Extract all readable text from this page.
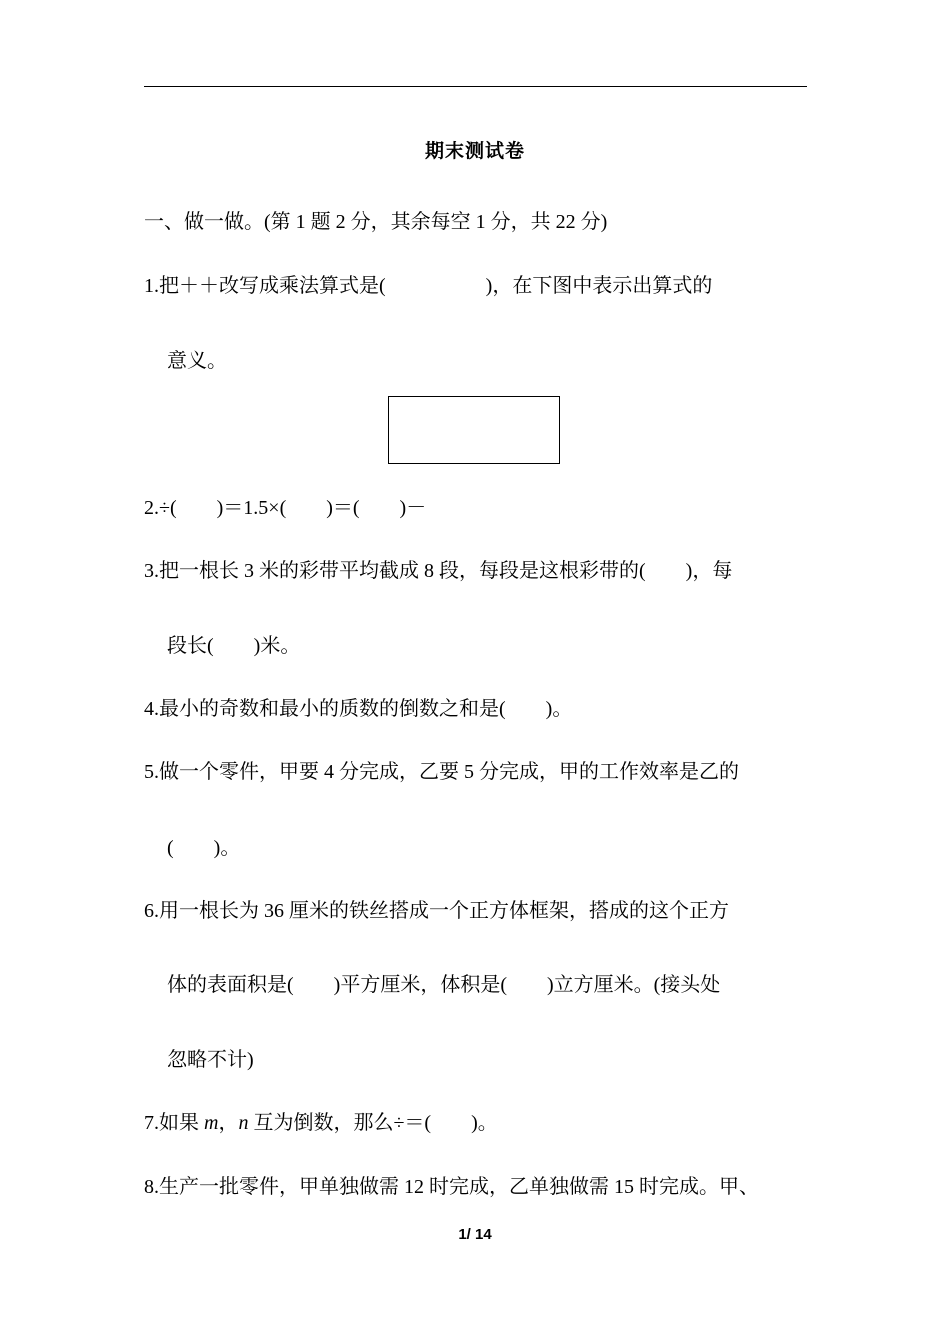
期末测试卷
一、做一做。(第 1 题 2 分，其余每空 1 分，共 22 分)
1.把＋＋改写成乘法算式是(                    )，在下图中表示出算式的
意义。
2.÷(        )＝1.5×(        )＝(        )－
3.把一根长 3 米的彩带平均截成 8 段，每段是这根彩带的(        )，每
段长(        )米。
4.最小的奇数和最小的质数的倒数之和是(        )。
5.做一个零件，甲要 4 分完成，乙要 5 分完成，甲的工作效率是乙的
(        )。
6.用一根长为 36 厘米的铁丝搭成一个正方体框架，搭成的这个正方
体的表面积是(        )平方厘米，体积是(        )立方厘米。(接头处
忽略不计)
7.如果 m，n 互为倒数，那么÷＝(        )。
8.生产一批零件，甲单独做需 12 时完成，乙单独做需 15 时完成。甲、
1/ 14
